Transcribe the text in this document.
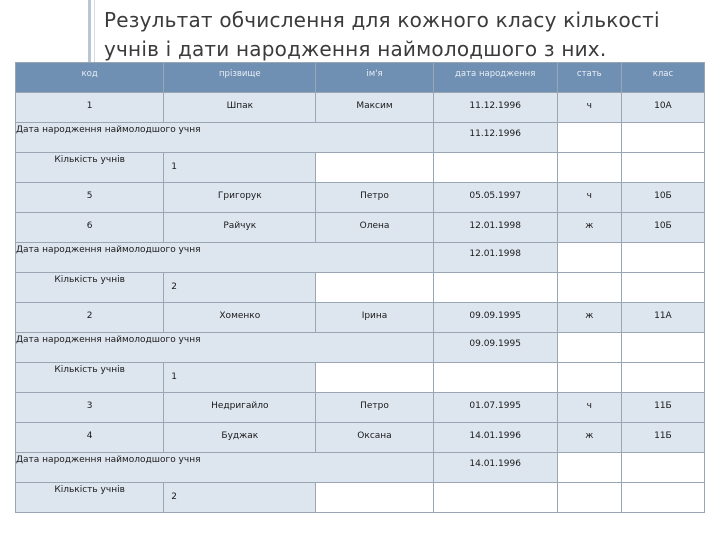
Результат обчислення для кожного класу кількості учнів і дати народження наймолодшого з них.
код	прізвище	ім'я	дата народження	стать	клас

1	Шпак	Максим	11.12.1996	ч	10А

Дата народження наймолодшого учня			11.12.1996		

Кількість учнів	1				

5	Григорук	Петро	05.05.1997	ч	10Б

6	Райчук	Олена	12.01.1998	ж	10Б

Дата народження наймолодшого учня			12.01.1998		

Кількість учнів	2				

2	Хоменко	Ірина	09.09.1995	ж	11А

Дата народження наймолодшого учня			09.09.1995		

Кількість учнів	1				

3	Недригайло	Петро	01.07.1995	ч	11Б

4	Буджак	Оксана	14.01.1996	ж	11Б

Дата народження наймолодшого учня			14.01.1996		

Кількість учнів	2				
